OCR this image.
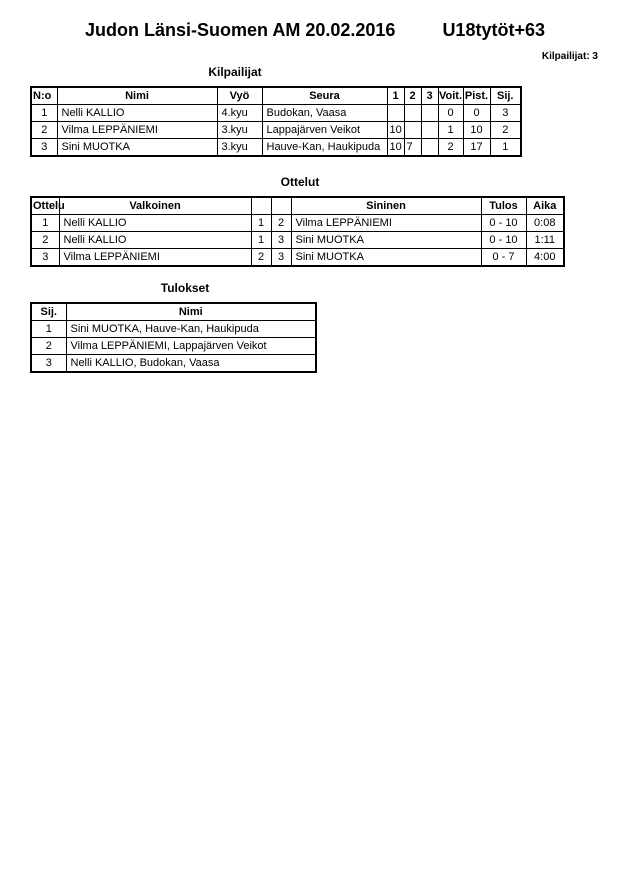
Judon Länsi-Suomen AM 20.02.2016	U18tytöt+63
Kilpailijat: 3
Kilpailijat
N:o	Nimi	Vyö	Seura	1	2	3	Voit.	Pist.	Sij.
1	Nelli KALLIO	4.kyu	Budokan, Vaasa				0	0	3
2	Vilma LEPPÄNIEMI	3.kyu	Lappajärven Veikot	10			1	10	2
3	Sini MUOTKA	3.kyu	Hauve-Kan, Haukipuda	10	7		2	17	1
Ottelut
Ottelu	Valkoinen			Sininen	Tulos	Aika
1	Nelli KALLIO	1	2	Vilma LEPPÄNIEMI	0 - 10	0:08
2	Nelli KALLIO	1	3	Sini MUOTKA	0 - 10	1:11
3	Vilma LEPPÄNIEMI	2	3	Sini MUOTKA	0 - 7	4:00
Tulokset
Sij.	Nimi
1	Sini MUOTKA, Hauve-Kan, Haukipuda
2	Vilma LEPPÄNIEMI, Lappajärven Veikot
3	Nelli KALLIO, Budokan, Vaasa
